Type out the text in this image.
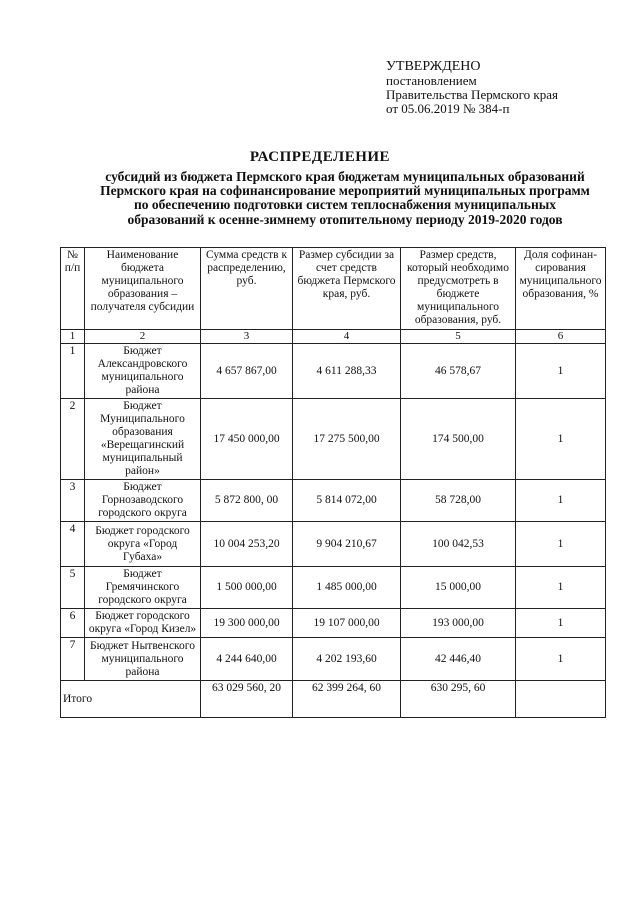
УТВЕРЖДЕНО
постановлением
Правительства Пермского края
от 05.06.2019 № 384-п
РАСПРЕДЕЛЕНИЕ
субсидий из бюджета Пермского края бюджетам муниципальных образований Пермского края на софинансирование мероприятий муниципальных программ по обеспечению подготовки систем теплоснабжения муниципальных образований к осенне-зимнему отопительному периоду 2019-2020 годов
№ п/п	Наименование бюджета муниципального образования – получателя субсидии	Сумма средств к распределению, руб.	Размер субсидии за счет средств бюджета Пермского края, руб.	Размер средств, который необходимо предусмотреть в бюджете муниципального образования, руб.	Доля софинан-сирования муниципального образования, %
1	2	3	4	5	6
1	Бюджет Александровского муниципального района	4 657 867,00	4 611 288,33	46 578,67	1
2	Бюджет Муниципального образования «Верещагинский муниципальный район»	17 450 000,00	17 275 500,00	174 500,00	1
3	Бюджет Горнозаводского городского округа	5 872 800, 00	5 814 072,00	58 728,00	1
4	Бюджет городского округа «Город Губаха»	10 004 253,20	9 904 210,67	100 042,53	1
5	Бюджет Гремячинского городского округа	1 500 000,00	1 485 000,00	15 000,00	1
6	Бюджет городского округа «Город Кизел»	19 300 000,00	19 107 000,00	193 000,00	1
7	Бюджет Нытвенского муниципального района	4 244 640,00	4 202 193,60	42 446,40	1
Итого		63 029 560, 20	62 399 264, 60	630 295, 60	
